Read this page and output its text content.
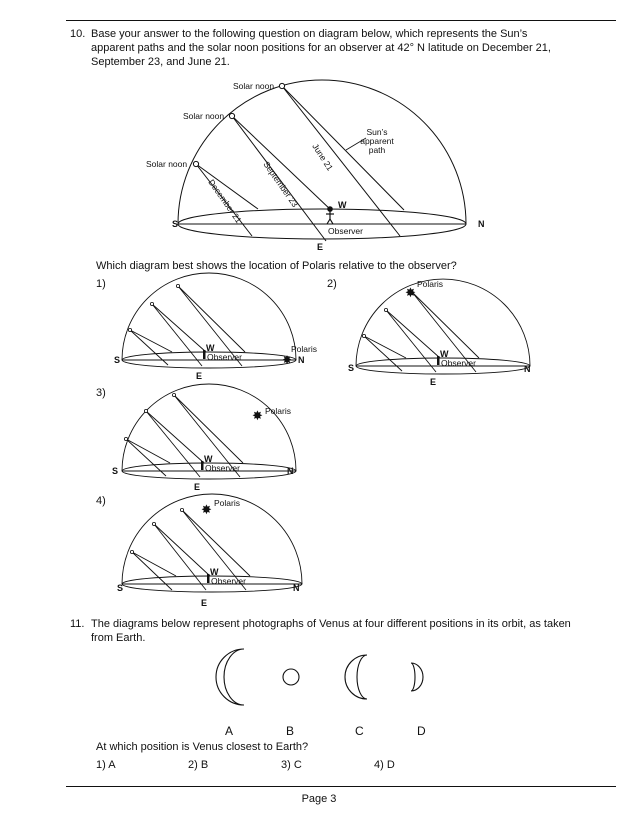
10. Base your answer to the following question on diagram below, which represents the Sun’s apparent paths and the solar noon positions for an observer at 42° N latitude on December 21, September 23, and June 21.
Solar noon
Solar noon
Solar noon
Sun’s
apparent
path
June 21
September 23
December 21
S	N
W
E
Observer
Which diagram best shows the location of Polaris relative to the observer?
1)	2)
3)
4)
Observer
W
S	N
E
✸
Polaris
Observer
W
S	N
E
✸
Polaris
Observer
W
S	N
E
✸ Polaris
Observer
W
S	N
E
✸ Polaris
11. The diagrams below represent photographs of Venus at four different positions in its orbit, as taken from Earth.
A	B	C	D
At which position is Venus closest to Earth?
1) A	2) B	3) C	4) D
Page 3
